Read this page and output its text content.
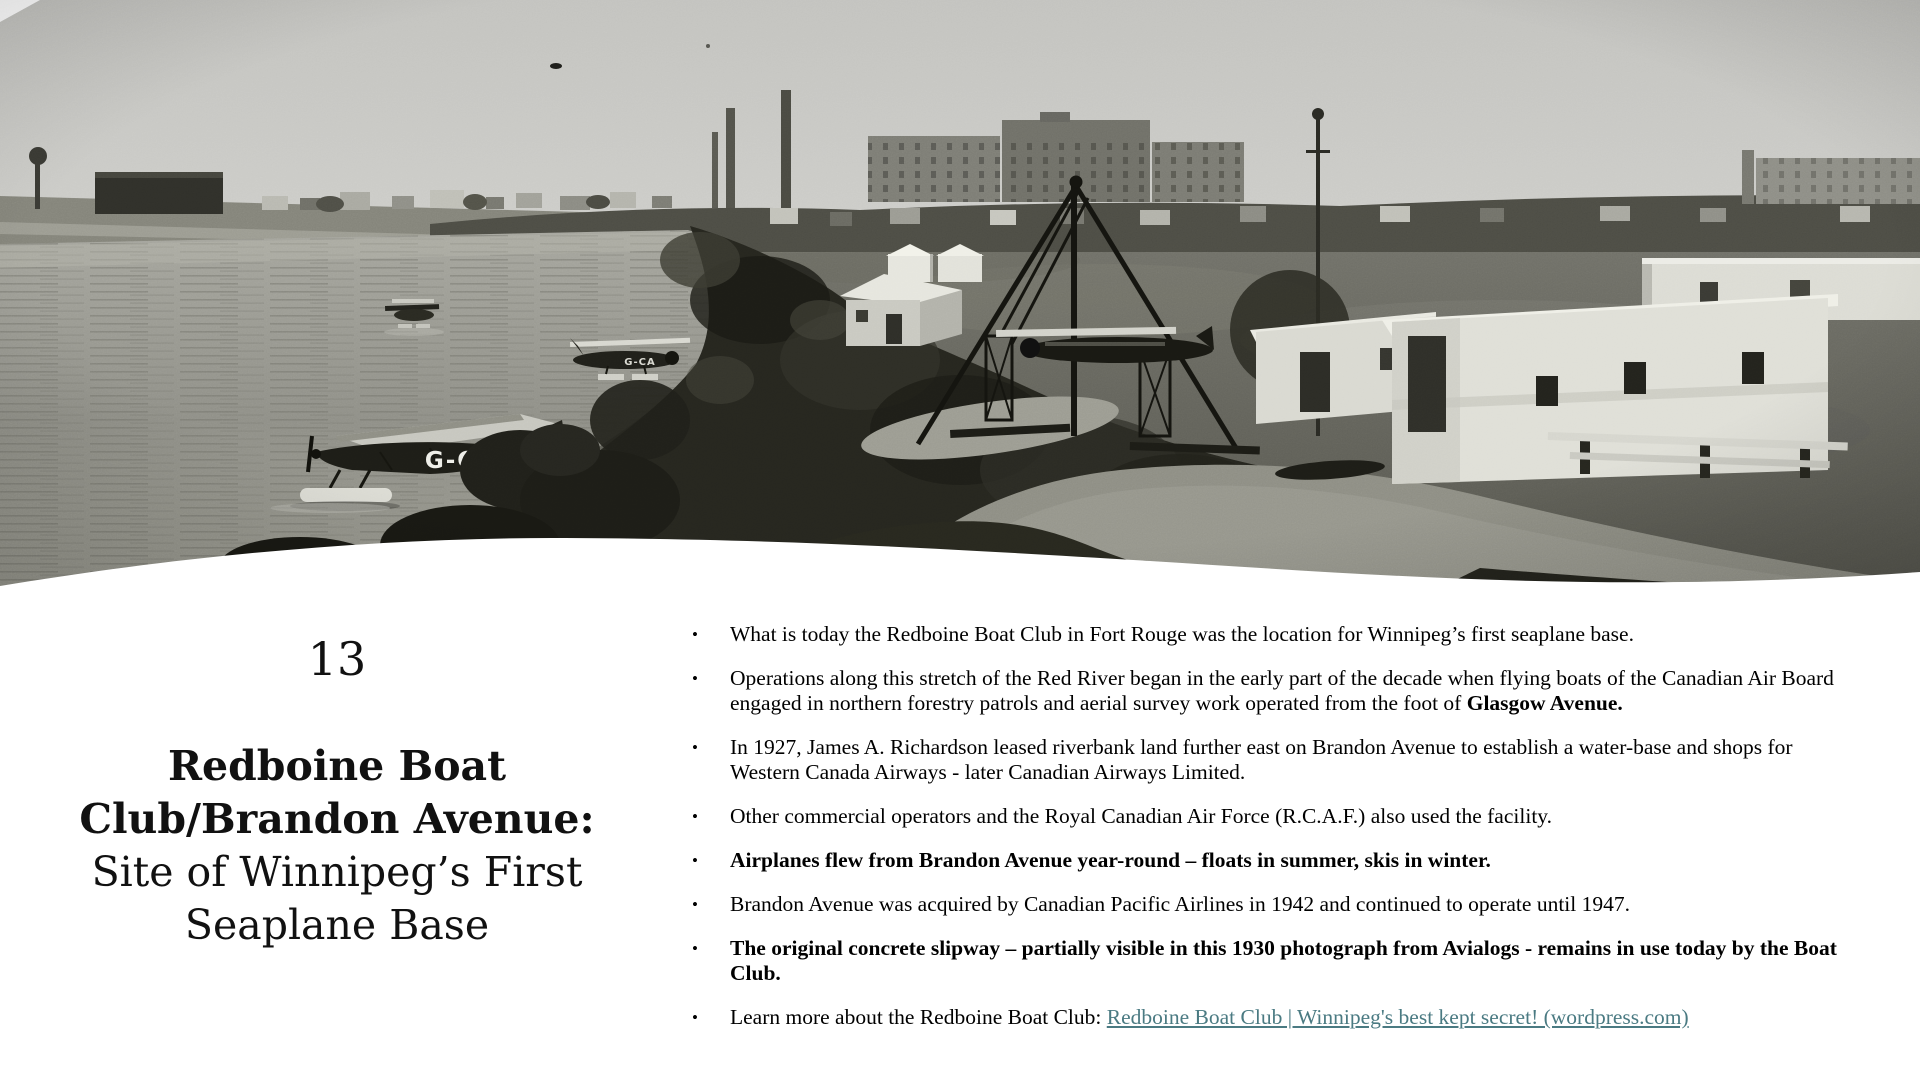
13
Redboine Boat
Club/Brandon Avenue:
Site of Winnipeg’s First
Seaplane Base
•	What is today the Redboine Boat Club in Fort Rouge was the location for Winnipeg’s first seaplane base.
•	Operations along this stretch of the Red River began in the early part of the decade when flying boats of the Canadian Air Board engaged in northern forestry patrols and aerial survey work operated from the foot of Glasgow Avenue.
•	In 1927, James A. Richardson leased riverbank land further east on Brandon Avenue to establish a water-base and shops for Western Canada Airways - later Canadian Airways Limited.
•	Other commercial operators and the Royal Canadian Air Force (R.C.A.F.) also used the facility.
•	Airplanes flew from Brandon Avenue year-round – floats in summer, skis in winter.
•	Brandon Avenue was acquired by Canadian Pacific Airlines in 1942 and continued to operate until 1947.
•	The original concrete slipway – partially visible in this 1930 photograph from Avialogs - remains in use today by the Boat Club.
•	Learn more about the Redboine Boat Club: Redboine Boat Club | Winnipeg's best kept secret! (wordpress.com)
